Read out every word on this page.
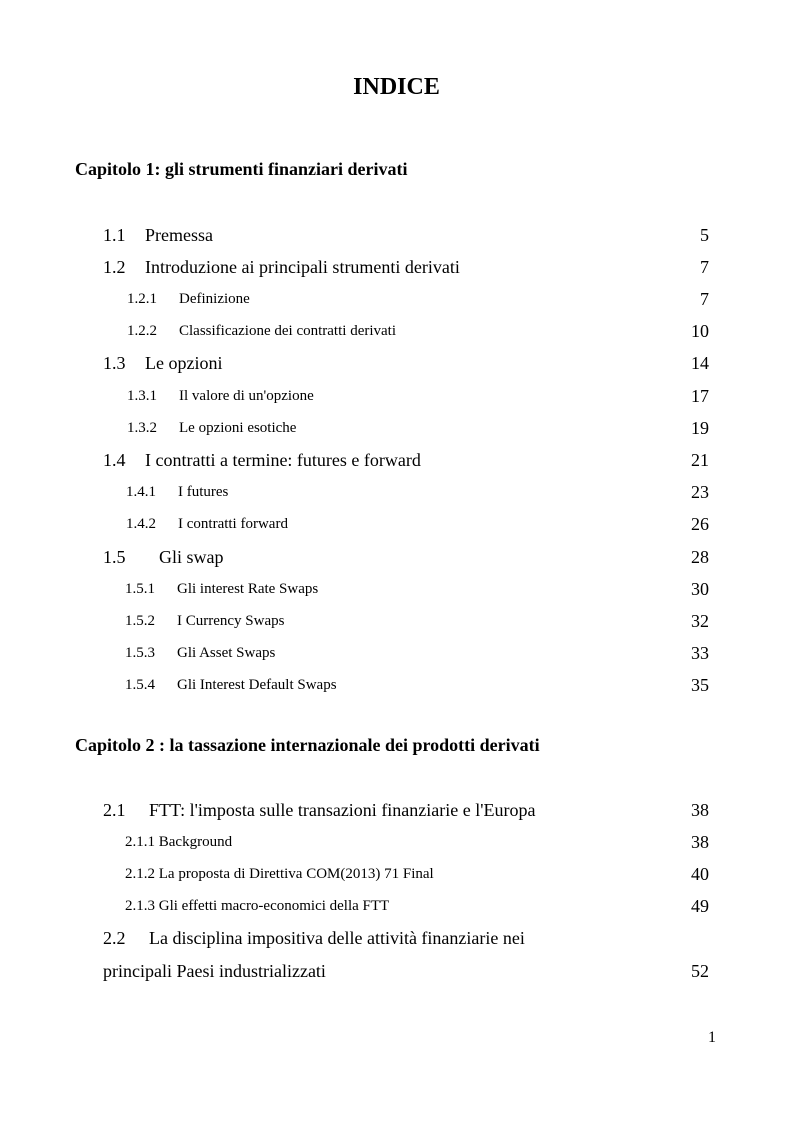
INDICE
Capitolo 1: gli strumenti finanziari derivati
1.1 Premessa	5
1.2 Introduzione ai principali strumenti derivati	7
1.2.1 Definizione	7
1.2.2 Classificazione dei contratti derivati	10
1.3 Le opzioni	14
1.3.1 Il valore di un'opzione	17
1.3.2 Le opzioni esotiche	19
1.4 I contratti a termine: futures e forward	21
1.4.1 I futures	23
1.4.2 I contratti forward	26
1.5 Gli swap	28
1.5.1 Gli interest Rate Swaps	30
1.5.2 I Currency Swaps	32
1.5.3 Gli Asset Swaps	33
1.5.4 Gli Interest Default Swaps	35
Capitolo 2 : la tassazione internazionale dei prodotti derivati
2.1 FTT: l'imposta sulle transazioni finanziarie e l'Europa	38
2.1.1 Background	38
2.1.2 La proposta di Direttiva COM(2013) 71 Final	40
2.1.3 Gli effetti macro-economici della FTT	49
2.2 La disciplina impositiva delle attività finanziarie nei
principali Paesi industrializzati	52
1
